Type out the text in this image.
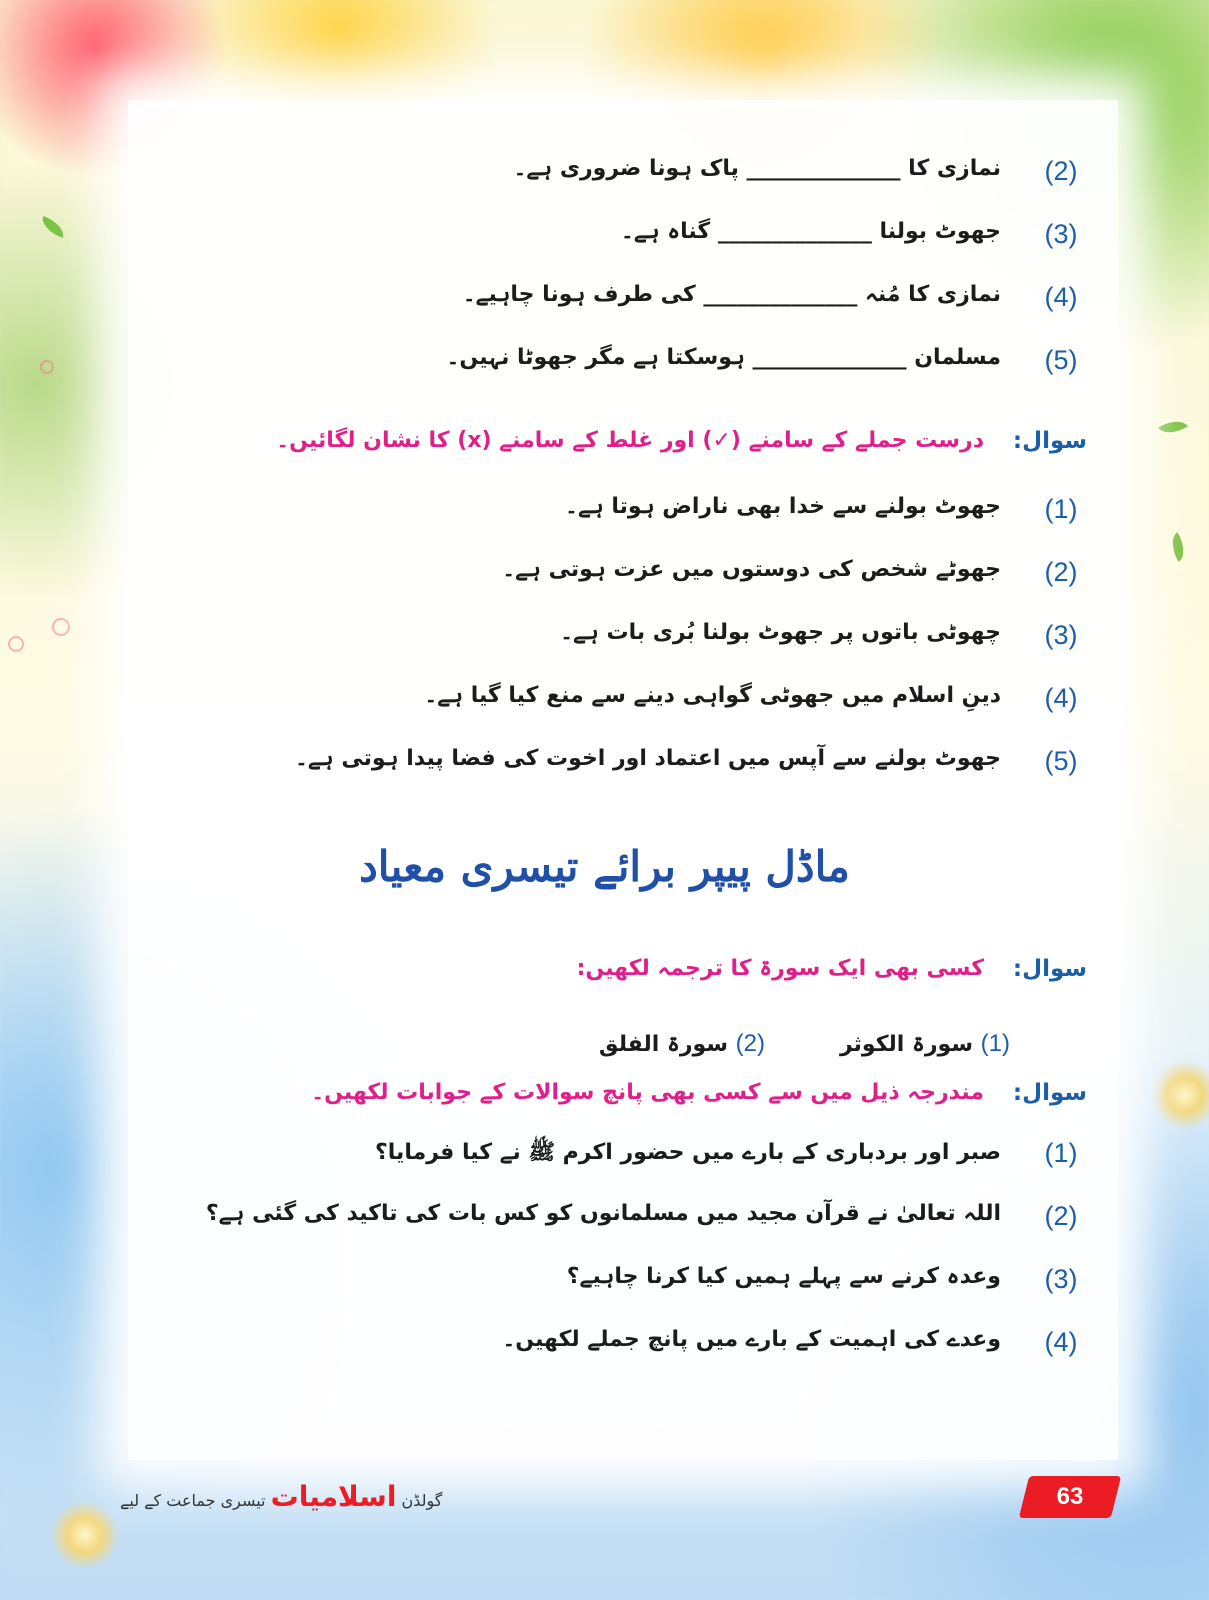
(2)
نمازی کا ______________ پاک ہونا ضروری ہے۔
(3)
جھوٹ بولنا ______________ گناہ ہے۔
(4)
نمازی کا مُنہ ______________ کی طرف ہونا چاہیے۔
(5)
مسلمان ______________ ہوسکتا ہے مگر جھوٹا نہیں۔
سوال:
درست جملے کے سامنے (✓) اور غلط کے سامنے (x) کا نشان لگائیں۔
(1)
جھوٹ بولنے سے خدا بھی ناراض ہوتا ہے۔
(2)
جھوٹے شخص کی دوستوں میں عزت ہوتی ہے۔
(3)
چھوٹی باتوں پر جھوٹ بولنا بُری بات ہے۔
(4)
دینِ اسلام میں جھوٹی گواہی دینے سے منع کیا گیا ہے۔
(5)
جھوٹ بولنے سے آپس میں اعتماد اور اخوت کی فضا پیدا ہوتی ہے۔
ماڈل پیپر برائے تیسری معیاد
سوال:
کسی بھی ایک سورۃ کا ترجمہ لکھیں:
(1) سورۃ الکوثر
(2) سورۃ الفلق
سوال:
مندرجہ ذیل میں سے کسی بھی پانچ سوالات کے جوابات لکھیں۔
(1)
صبر اور بردباری کے بارے میں حضور اکرم ﷺ نے کیا فرمایا؟
(2)
اللہ تعالیٰ نے قرآن مجید میں مسلمانوں کو کس بات کی تاکید کی گئی ہے؟
(3)
وعدہ کرنے سے پہلے ہمیں کیا کرنا چاہیے؟
(4)
وعدے کی اہمیت کے بارے میں پانچ جملے لکھیں۔
63
گولڈن اسلامیات تیسری جماعت کے لیے
